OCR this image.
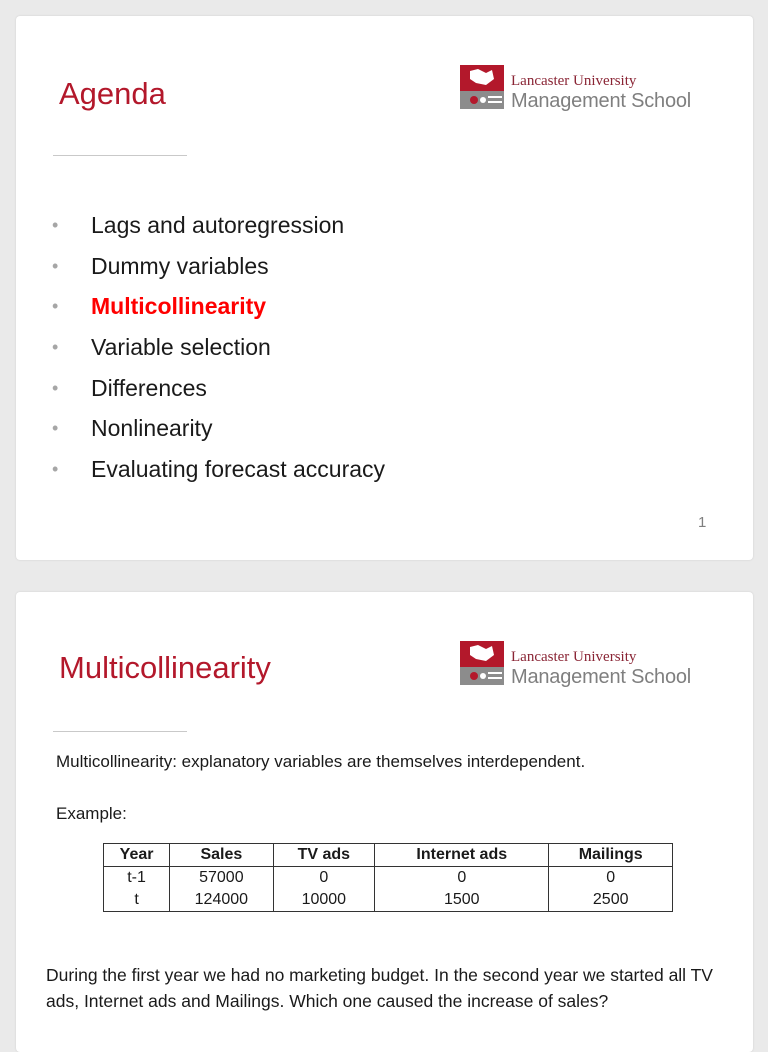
Agenda	Lancaster University
Management School
• Lags and autoregression
• Dummy variables
• Multicollinearity
• Variable selection
• Differences
• Nonlinearity
• Evaluating forecast accuracy
1
Multicollinearity	Lancaster University
Management School
Multicollinearity: explanatory variables are themselves interdependent.
Example:
Year	Sales	TV ads	Internet ads	Mailings
t-1	57000	0	0	0
t	124000	10000	1500	2500
During the first year we had no marketing budget. In the second year we started all TV ads, Internet ads and Mailings. Which one caused the increase of sales?
